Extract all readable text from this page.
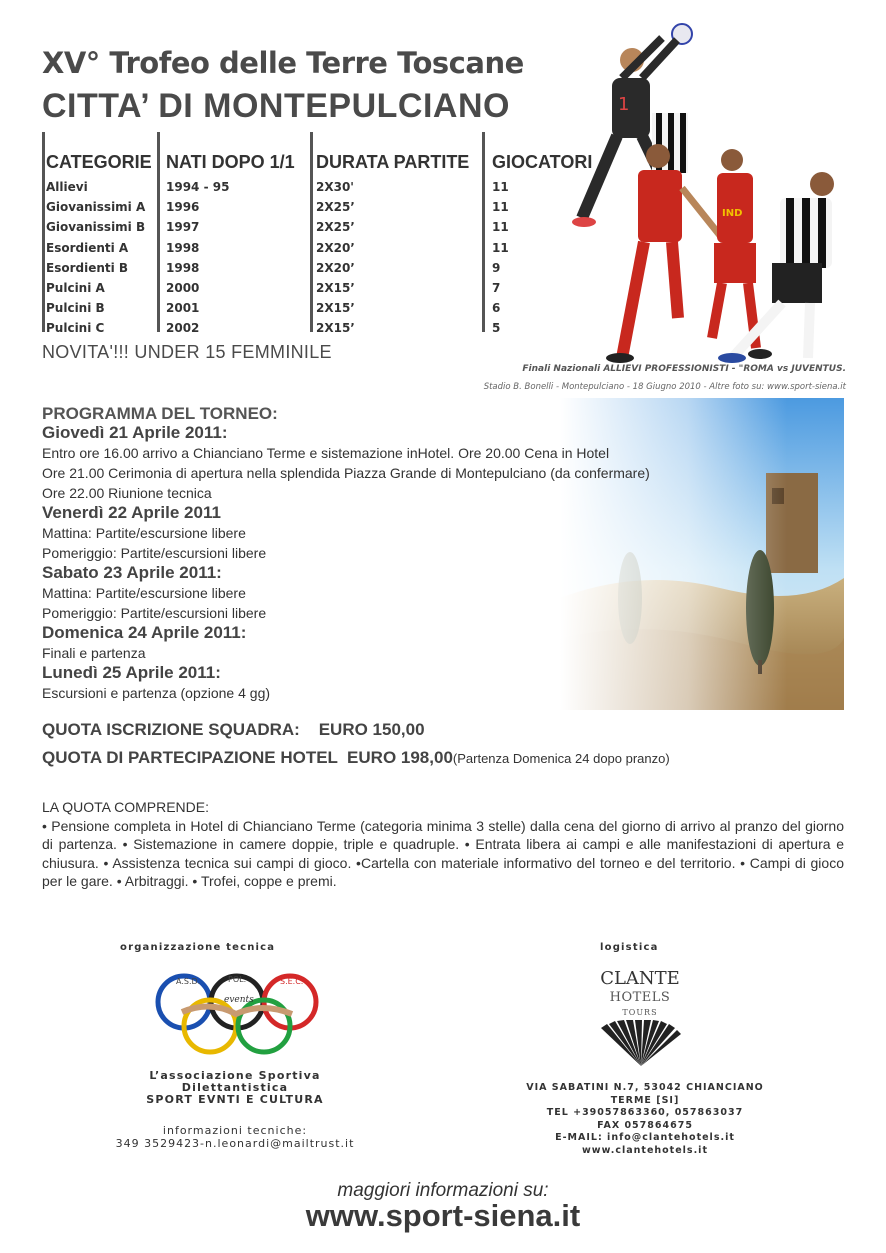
XV° Trofeo delle Terre Toscane
CITTA’ DI MONTEPULCIANO
CATEGORIE
Allievi
Giovanissimi A
Giovanissimi B
Esordienti A
Esordienti B
Pulcini A
Pulcini B
Pulcini C
NATI DOPO 1/1
1994 - 95
1996
1997
1998
1998
2000
2001
2002
DURATA PARTITE
2X30'
2X25’
2X25’
2X20’
2X20’
2X15’
2X15’
2X15’
GIOCATORI
11
11
11
11
9
7
6
5
NOVITA'!!! UNDER 15 FEMMINILE
1
IND
Finali Nazionali ALLIEVI PROFESSIONISTI - "ROMA vs JUVENTUS.
Stadio B. Bonelli - Montepulciano - 18 Giugno 2010 - Altre foto su: www.sport-siena.it
PROGRAMMA DEL TORNEO:
Giovedì 21 Aprile 2011:
Entro ore 16.00 arrivo a Chianciano Terme e sistemazione inHotel. Ore 20.00 Cena in Hotel
Ore 21.00 Cerimonia di apertura nella splendida Piazza Grande di Montepulciano (da confermare)
Ore 22.00 Riunione tecnica
Venerdì 22 Aprile 2011
Mattina: Partite/escursione libere
Pomeriggio: Partite/escursioni libere
Sabato 23 Aprile 2011:
Mattina: Partite/escursione libere
Pomeriggio: Partite/escursioni libere
Domenica 24 Aprile 2011:
Finali e partenza
Lunedì 25 Aprile 2011:
Escursioni e partenza (opzione 4 gg)
QUOTA ISCRIZIONE SQUADRA:    EURO 150,00
QUOTA DI PARTECIPAZIONE HOTEL  EURO 198,00(Partenza Domenica 24 dopo pranzo)
LA QUOTA COMPRENDE:
• Pensione completa in Hotel di Chianciano Terme (categoria minima 3 stelle) dalla cena del giorno di arrivo al pranzo del giorno di partenza. • Sistemazione in camere doppie, triple e quadruple. • Entrata libera ai campi e alle manifestazioni di apertura e chiusura. • Assistenza tecnica sui campi di gioco. •Cartella con materiale informativo del torneo e del territorio. • Campi di gioco per le gare. • Arbitraggi. • Trofei, coppe e premi.
organizzazione tecnica
A.S.D.	POL.	S.E.C.
events
L’associazione Sportiva
Dilettantistica
SPORT EVNTI E CULTURA
informazioni tecniche:
349 3529423-n.leonardi@mailtrust.it
logistica
CLANTE
HOTELS
TOURS
VIA SABATINI N.7, 53042 CHIANCIANO
TERME [SI]
TEL +39057863360, 057863037
FAX 057864675
E-MAIL: info@clantehotels.it
www.clantehotels.it
maggiori informazioni su:
www.sport-siena.it
